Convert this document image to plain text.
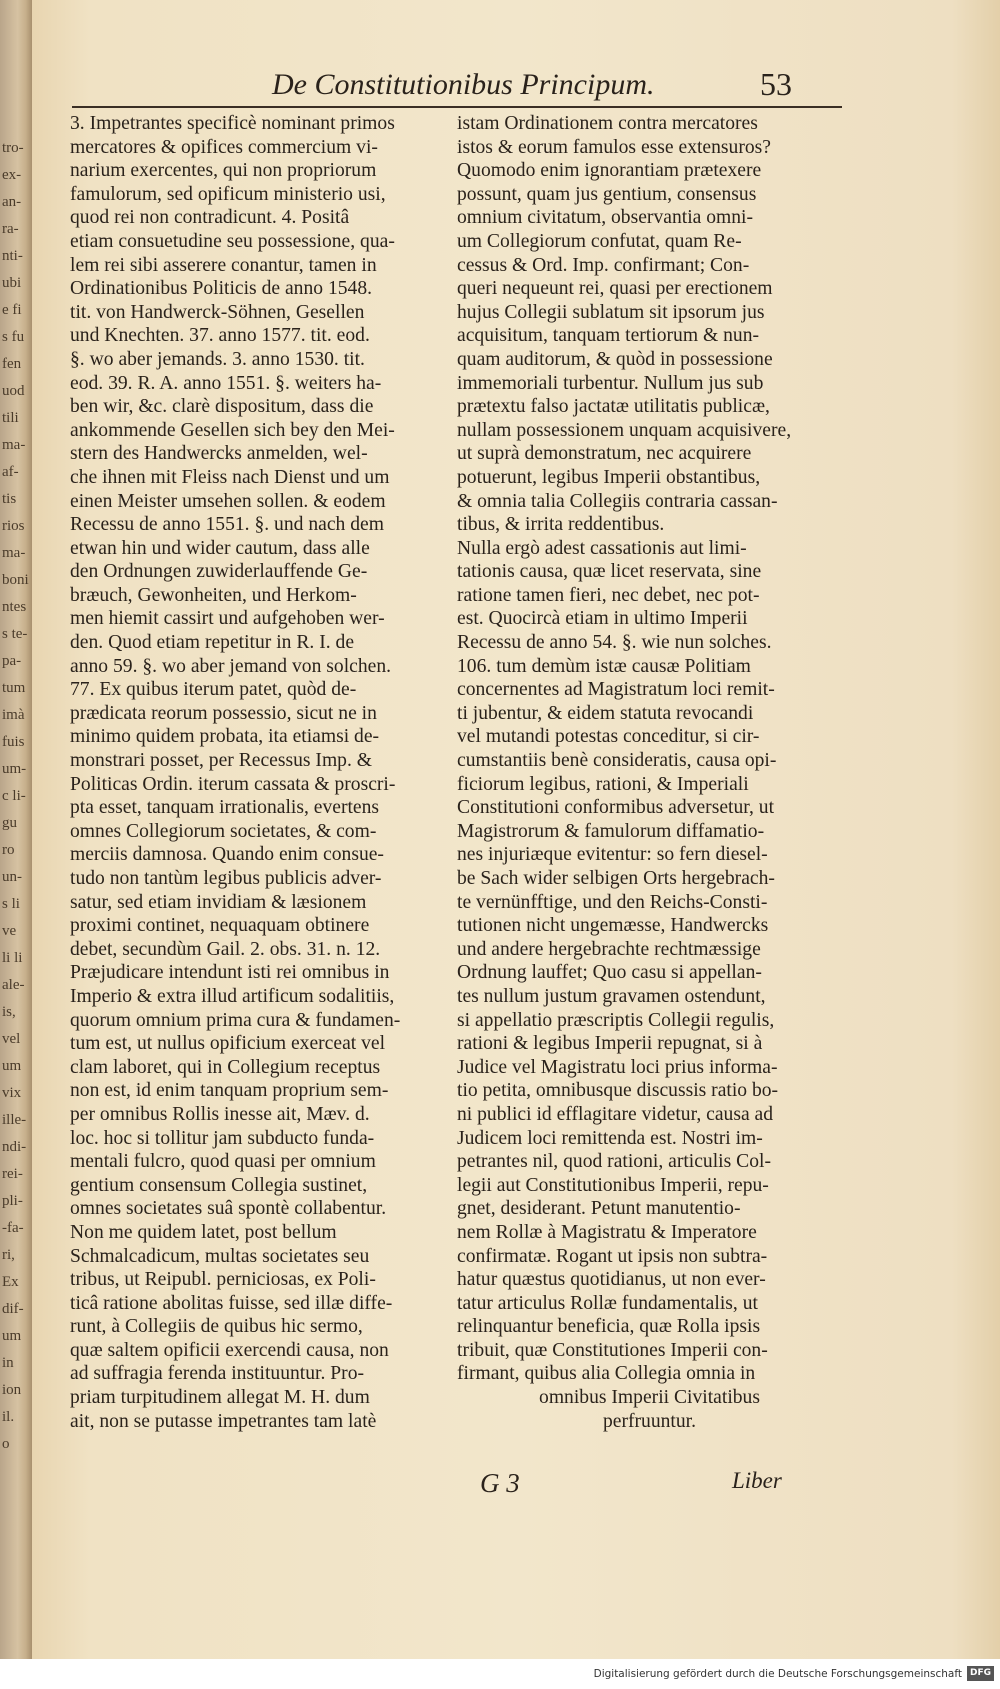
tro-
ex-
an-
ra-
nti-
ubi
e fi
s fu
fen
uod
tili
ma-
af-
tis
rios
ma-
boni
ntes
s te-
pa-
tum
imà
fuis
um-
c li-
gu
ro
un-
s li
ve
li li
ale-
is,
vel
um
vix
ille-
ndi-
rei-
pli-
-fa-
ri,
Ex
dif-
um
in
ion
il.
o
De Constitutionibus Principum.	53
3. Impetrantes specificè nominant primos
mercatores & opifices commercium vi-
narium exercentes, qui non propriorum
famulorum, sed opificum ministerio usi,
quod rei non contradicunt. 4. Positâ
etiam consuetudine seu possessione, qua-
lem rei sibi asserere conantur, tamen in
Ordinationibus Politicis de anno 1548.
tit. von Handwerck-Söhnen, Gesellen
und Knechten. 37. anno 1577. tit. eod.
§. wo aber jemands. 3. anno 1530. tit.
eod. 39. R. A. anno 1551. §. weiters ha-
ben wir, &c. clarè dispositum, dass die
ankommende Gesellen sich bey den Mei-
stern des Handwercks anmelden, wel-
che ihnen mit Fleiss nach Dienst und um
einen Meister umsehen sollen. & eodem
Recessu de anno 1551. §. und nach dem
etwan hin und wider cautum, dass alle
den Ordnungen zuwiderlauffende Ge-
bræuch, Gewonheiten, und Herkom-
men hiemit cassirt und aufgehoben wer-
den. Quod etiam repetitur in R. I. de
anno 59. §. wo aber jemand von solchen.
77. Ex quibus iterum patet, quòd de-
prædicata reorum possessio, sicut ne in
minimo quidem probata, ita etiamsi de-
monstrari posset, per Recessus Imp. &
Politicas Ordin. iterum cassata & proscri-
pta esset, tanquam irrationalis, evertens
omnes Collegiorum societates, & com-
merciis damnosa. Quando enim consue-
tudo non tantùm legibus publicis adver-
satur, sed etiam invidiam & læsionem
proximi continet, nequaquam obtinere
debet, secundùm Gail. 2. obs. 31. n. 12.
Præjudicare intendunt isti rei omnibus in
Imperio & extra illud artificum sodalitiis,
quorum omnium prima cura & fundamen-
tum est, ut nullus opificium exerceat vel
clam laboret, qui in Collegium receptus
non est, id enim tanquam proprium sem-
per omnibus Rollis inesse ait, Mæv. d.
loc. hoc si tollitur jam subducto funda-
mentali fulcro, quod quasi per omnium
gentium consensum Collegia sustinet,
omnes societates suâ spontè collabentur.
Non me quidem latet, post bellum
Schmalcadicum, multas societates seu
tribus, ut Reipubl. perniciosas, ex Poli-
ticâ ratione abolitas fuisse, sed illæ diffe-
runt, à Collegiis de quibus hic sermo,
quæ saltem opificii exercendi causa, non
ad suffragia ferenda instituuntur. Pro-
priam turpitudinem allegat M. H. dum
ait, non se putasse impetrantes tam latè
istam Ordinationem contra mercatores
istos & eorum famulos esse extensuros?
Quomodo enim ignorantiam prætexere
possunt, quam jus gentium, consensus
omnium civitatum, observantia omni-
um Collegiorum confutat, quam Re-
cessus & Ord. Imp. confirmant; Con-
queri nequeunt rei, quasi per erectionem
hujus Collegii sublatum sit ipsorum jus
acquisitum, tanquam tertiorum & nun-
quam auditorum, & quòd in possessione
immemoriali turbentur. Nullum jus sub
prætextu falso jactatæ utilitatis publicæ,
nullam possessionem unquam acquisivere,
ut suprà demonstratum, nec acquirere
potuerunt, legibus Imperii obstantibus,
& omnia talia Collegiis contraria cassan-
tibus, & irrita reddentibus.
Nulla ergò adest cassationis aut limi-
tationis causa, quæ licet reservata, sine
ratione tamen fieri, nec debet, nec pot-
est. Quocircà etiam in ultimo Imperii
Recessu de anno 54. §. wie nun solches.
106. tum demùm istæ causæ Politiam
concernentes ad Magistratum loci remit-
ti jubentur, & eidem statuta revocandi
vel mutandi potestas conceditur, si cir-
cumstantiis benè consideratis, causa opi-
ficiorum legibus, rationi, & Imperiali
Constitutioni conformibus adversetur, ut
Magistrorum & famulorum diffamatio-
nes injuriæque evitentur: so fern diesel-
be Sach wider selbigen Orts hergebrach-
te vernünfftige, und den Reichs-Consti-
tutionen nicht ungemæsse, Handwercks
und andere hergebrachte rechtmæssige
Ordnung lauffet; Quo casu si appellan-
tes nullum justum gravamen ostendunt,
si appellatio præscriptis Collegii regulis,
rationi & legibus Imperii repugnat, si à
Judice vel Magistratu loci prius informa-
tio petita, omnibusque discussis ratio bo-
ni publici id efflagitare videtur, causa ad
Judicem loci remittenda est. Nostri im-
petrantes nil, quod rationi, articulis Col-
legii aut Constitutionibus Imperii, repu-
gnet, desiderant. Petunt manutentio-
nem Rollæ à Magistratu & Imperatore
confirmatæ. Rogant ut ipsis non subtra-
hatur quæstus quotidianus, ut non ever-
tatur articulus Rollæ fundamentalis, ut
relinquantur beneficia, quæ Rolla ipsis
tribuit, quæ Constitutiones Imperii con-
firmant, quibus alia Collegia omnia in
omnibus Imperii Civitatibus
perfruuntur.
G 3	Liber
Digitalisierung gefördert durch die Deutsche Forschungsgemeinschaft DFG
